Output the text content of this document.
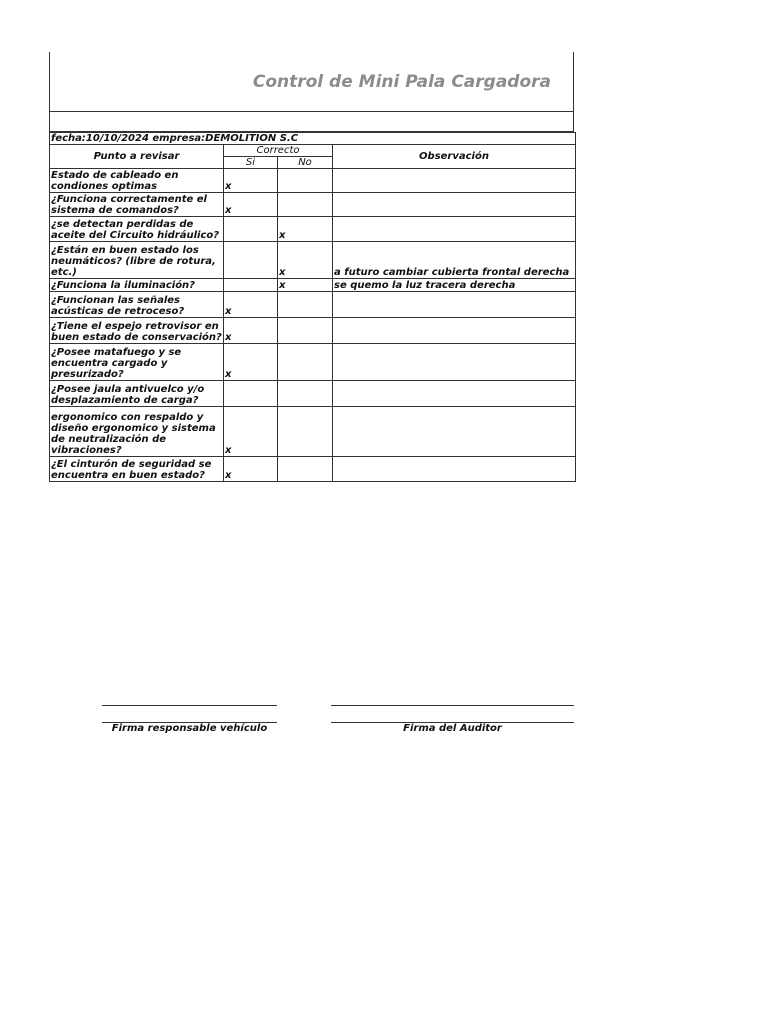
Control de Mini Pala Cargadora
fecha:10/10/2024 empresa:DEMOLITION S.C			
Punto a revisar	Correcto		Observación
	Si	No	
Estado de cableado en condiones optimas	x		
¿Funciona correctamente el sistema de comandos?	x		
¿se detectan perdidas de aceite del Circuito hidráulico?		x	
¿Están en buen estado los neumáticos? (libre de rotura, etc.)		x	a futuro cambiar cubierta frontal derecha
¿Funciona la iluminación?		x	se quemo la luz tracera derecha
¿Funcionan las señales acústicas de retroceso?	x		
¿Tiene el espejo retrovisor en buen estado de conservación?	x		
¿Posee matafuego y se encuentra cargado y presurizado?	x		
¿Posee jaula antivuelco y/o desplazamiento de carga?			
ergonomico con respaldo y diseño ergonomico y sistema de neutralización de vibraciones?	x		
¿El cinturón de seguridad se encuentra en buen estado?	x		
Firma responsable vehículo	Firma del Auditor
